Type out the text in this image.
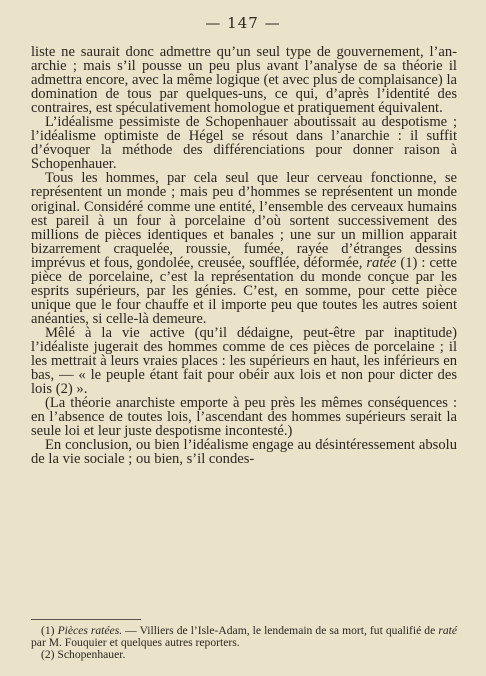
— 147 —

liste ne saurait donc admettre qu’un seul type de gouvernement, l’an-archie ; mais s’il pousse un peu plus avant l’analyse de sa théorie il admettra encore, avec la même logique (et avec plus de complaisance) la domination de tous par quelques-uns, ce qui, d’après l’identité des contraires, est spéculativement homologue et pratiquement équivalent.

L’idéalisme pessimiste de Schopenhauer aboutissait au despotisme ; l’idéalisme optimiste de Hégel se résout dans l’anarchie : il suffit d’évoquer la méthode des différenciations pour donner raison à Schopenhauer.

Tous les hommes, par cela seul que leur cerveau fonctionne, se représentent un monde ; mais peu d’hommes se représentent un monde original. Considéré comme une entité, l’ensemble des cerveaux humains est pareil à un four à porcelaine d’où sortent successivement des millions de pièces identiques et banales ; une sur un million apparait bizarrement craquelée, roussie, fumée, rayée d’étranges dessins imprévus et fous, gondolée, creusée, soufflée, déformée, ratée (1) : cette pièce de porcelaine, c’est la représentation du monde conçue par les esprits supérieurs, par les génies. C’est, en somme, pour cette pièce unique que le four chauffe et il importe peu que toutes les autres soient anéanties, si celle-là demeure.

Mêlé à la vie active (qu’il dédaigne, peut-être par inaptitude) l’idéaliste jugerait des hommes comme de ces pièces de porcelaine ; il les mettrait à leurs vraies places : les supérieurs en haut, les inférieurs en bas, — « le peuple étant fait pour obéir aux lois et non pour dicter des lois (2) ».

(La théorie anarchiste emporte à peu près les mêmes conséquences : en l’absence de toutes lois, l’ascendant des hommes supérieurs serait la seule loi et leur juste despotisme incontesté.)

En conclusion, ou bien l’idéalisme engage au désintéressement absolu de la vie sociale ; ou bien, s’il condes-

(1) Pièces ratées. — Villiers de l’Isle-Adam, le lendemain de sa mort, fut qualifié de raté par M. Fouquier et quelques autres reporters.

(2) Schopenhauer.
